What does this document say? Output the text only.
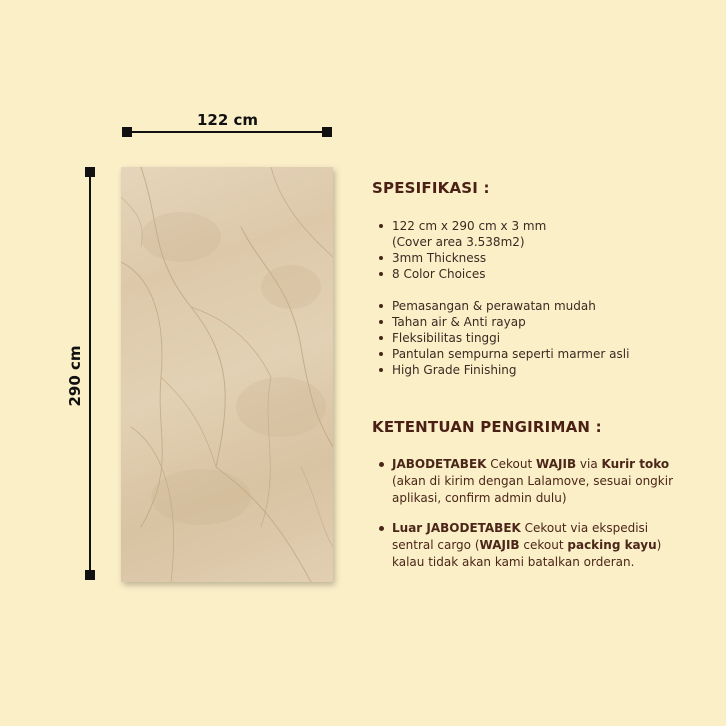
122 cm
290 cm
SPESIFIKASI :
122 cm x 290 cm x 3 mm
(Cover area 3.538m2)
3mm Thickness
8 Color Choices
Pemasangan & perawatan mudah
Tahan air & Anti rayap
Fleksibilitas tinggi
Pantulan sempurna seperti marmer asli
High Grade Finishing
KETENTUAN PENGIRIMAN :
JABODETABEK Cekout WAJIB via Kurir toko (akan di kirim dengan Lalamove, sesuai ongkir aplikasi, confirm admin dulu)
Luar JABODETABEK Cekout via ekspedisi sentral cargo (WAJIB cekout packing kayu) kalau tidak akan kami batalkan orderan.
